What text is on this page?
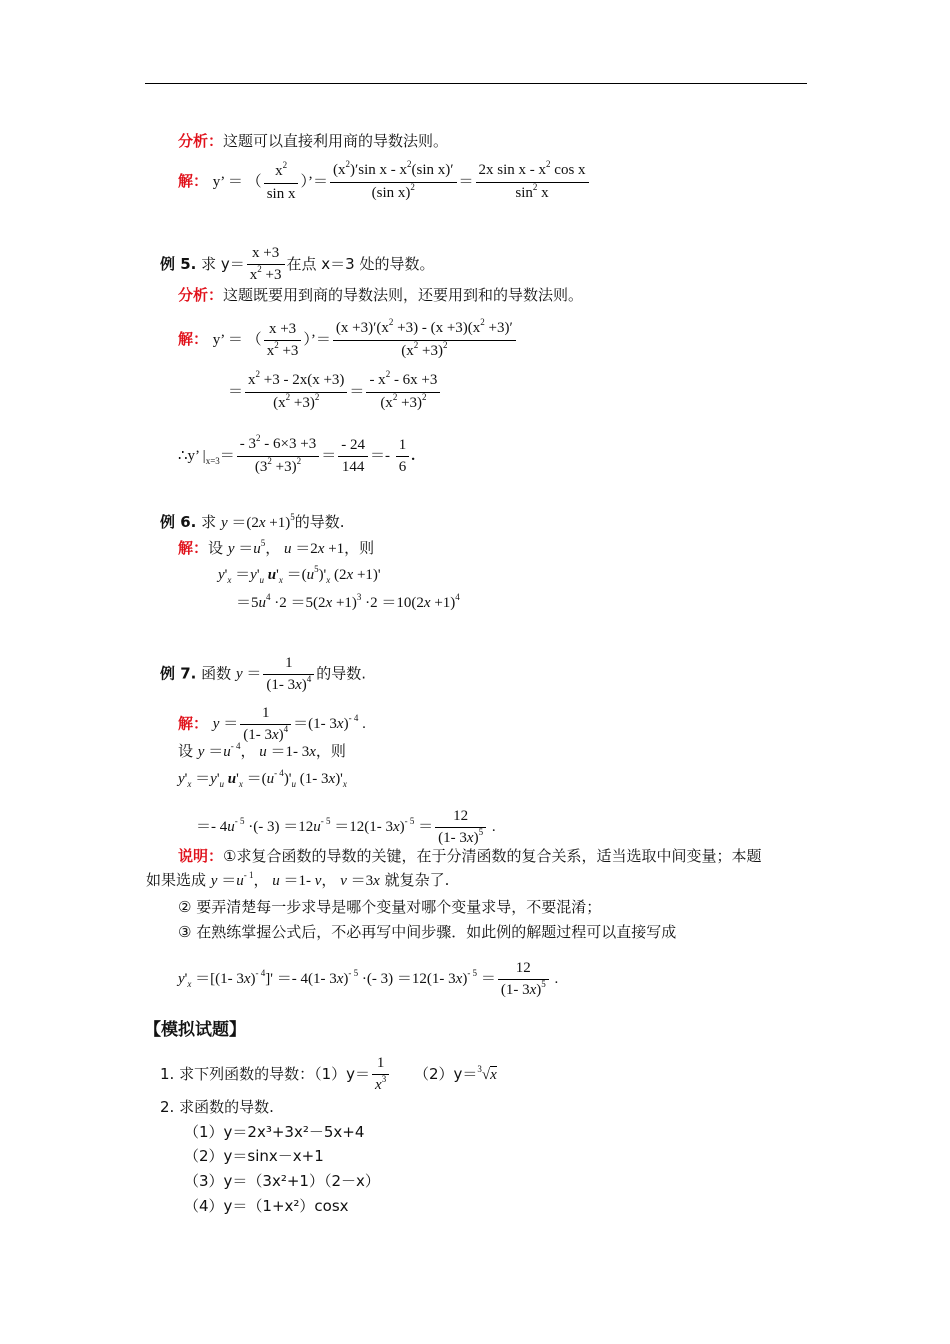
分析：这题可以直接利用商的导数法则。
解： y’ ＝ （ $\frac{x^2}{\text{sin x}}$ ）’＝ $\frac{(x^2)'\sin x - x^2(\sin x)'}{(\sin x)^2} = \frac{2x \sin x - x^2 \cos x}{\sin^2 x}$
例 5. 求 $y= \frac{x +3}{x^2 +3}$ 在点 x＝3 处的导数。
分析：这题既要用到商的导数法则，还要用到和的导数法则。
解： y’ ＝ （ $\frac{x +3}{x^2 +3}$ ）’＝ $\frac{(x +3)'(x^2 +3) - (x +3)(x^2 +3)'}{(x^2 +3)^2}$
＝ $\frac{x^2 +3 - 2x(x +3)}{(x^2 +3)^2} = \frac{- x^2 - 6x +3}{(x^2 +3)^2}$
∴y’ $|_{x=3}= \frac{- 3^2 - 6\times 3 +3}{(3^2 +3)^2} = \frac{- 24}{144} =- \frac{1}{6}$ .
例 6. 求 $y =(2x +1)^5$的导数.
解：设 $y =u^5$， u ＝2x +1，则
$y'_x =y'_u$ $u'_x =(u^5)'_x$ (2x +1)'
$=5u^4 \cdot 2 =5(2x +1)^3 \cdot 2 =10(2x +1)^4$
例 7. 函数 $y = \frac{1}{(1- 3x)^4}$ 的导数.
解： $y = \frac{1}{(1- 3x)^4} =(1-$ 3x)$^{- 4}$ .
设 $y =u^{- 4}$， u ＝1- 3x，则
$y'_x =y'_u$ $u'_x =(u^{- 4})'_u$ (1- $3x)'_x$
＝- $4u^{- 5}$ ·(- $3) =12u^{- 5} =12(1-$ $3x)^{- 5} = \frac{12}{(1- 3x)^5}$ .
说明：①求复合函数的导数的关键，在于分清函数的复合关系，适当选取中间变量；本题
如果选成 $y =u^{- 1}$， u ＝1- v， v ＝3x 就复杂了.
② 要弄清楚每一步求导是哪个变量对哪个变量求导，不要混淆；
③ 在熟练掌握公式后，不必再写中间步骤．如此例的解题过程可以直接写成
$y'_x =[(1-$ 3x)$^{- 4}$]' ＝- 4(1- 3x)$^{- 5}$ ·(- 3) ＝12(1- $3x)^{- 5} = \frac{12}{(1- 3x)^5}$ .
【模拟试题】
1. 求下列函数的导数：$(1)y= \frac{1}{x^3} (2)y=^3√x$
2. 求函数的导数.
（1）y＝2x³+3x²－5x+4
（2）y＝sinx－x+1
（3）y＝（3x²+1）（2－x）
（4）y＝（1+x²）cosx
